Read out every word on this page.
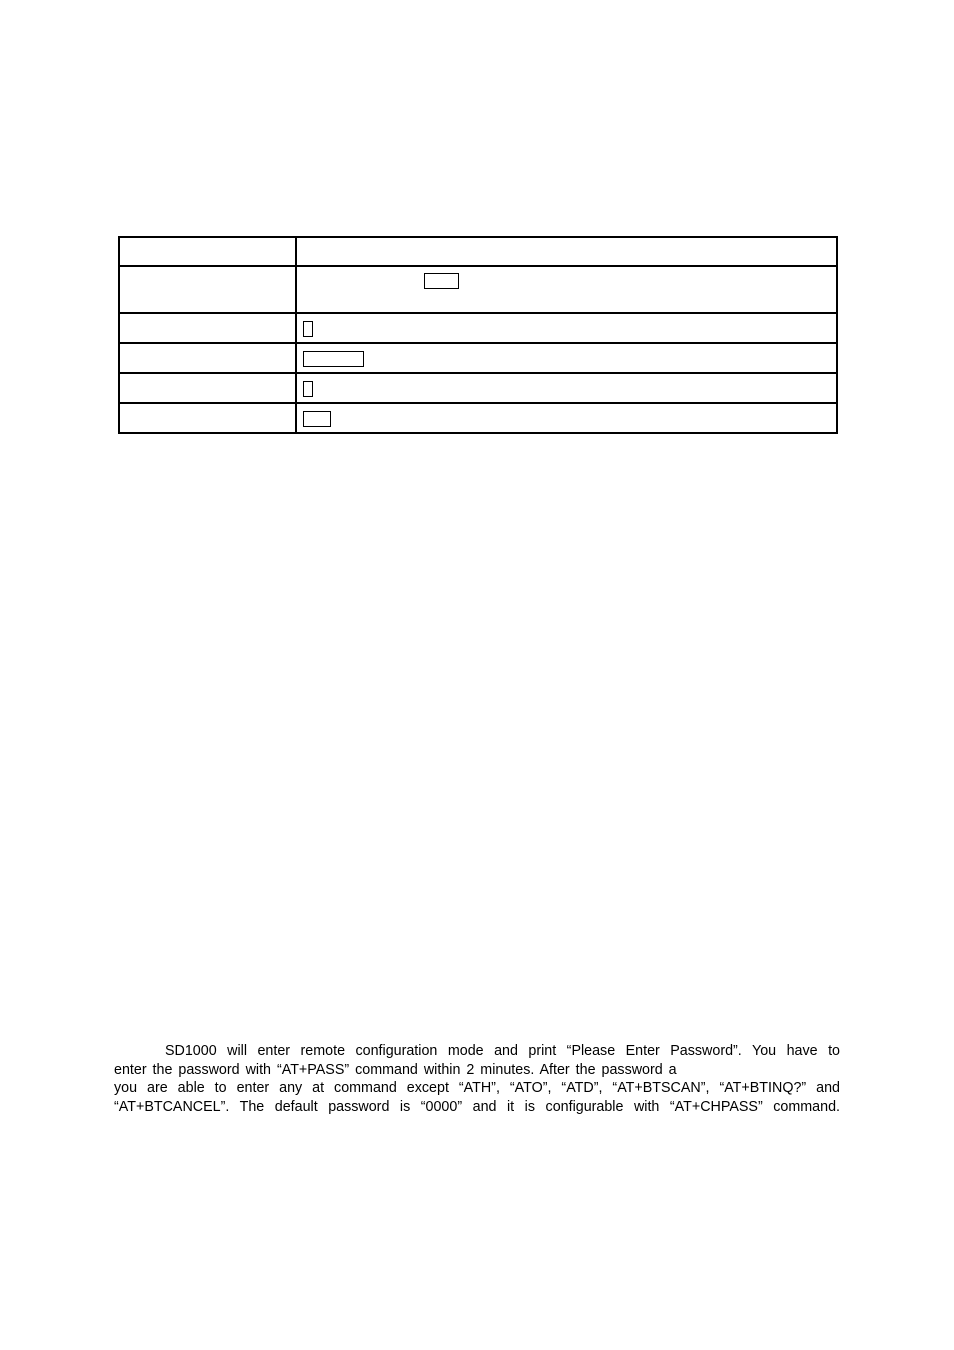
SD1000 will enter remote configuration mode and print “Please Enter Password”. You have to
enter the password with “AT+PASS” command within 2 minutes. After the password a
you are able to enter any at command except “ATH”, “ATO”, “ATD”, “AT+BTSCAN”, “AT+BTINQ?” and
“AT+BTCANCEL”. The default password is “0000” and it is configurable with “AT+CHPASS” command.
